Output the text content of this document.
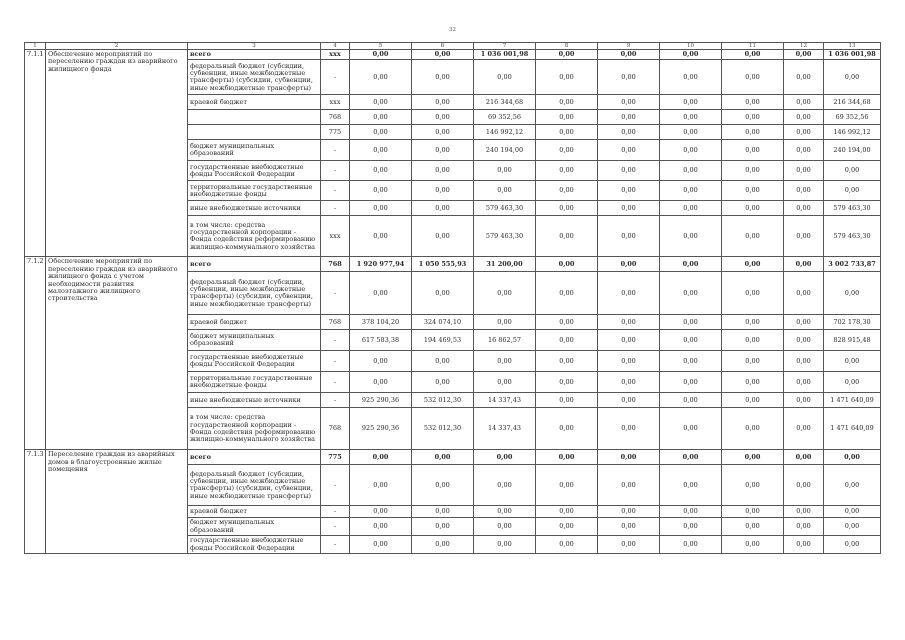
32
1	2	3	4	5	6	7	8	9	10	11	12	13
7.1.1	Обеспечение мероприятий по переселению граждан из аварийного жилищного фонда	всего	ххх	0,00	0,00	1 036 001,98	0,00	0,00	0,00	0,00	0,00	1 036 001,98
		федеральный бюджет (субсидии, субвенции, иные межбюджетные трансферты) (субсидии, субвенции, иные межбюджетные трансферты)	-	0,00	0,00	0,00	0,00	0,00	0,00	0,00	0,00	0,00
		краевой бюджет	ххх	0,00	0,00	216 344,68	0,00	0,00	0,00	0,00	0,00	216 344,68
			768	0,00	0,00	69 352,56	0,00	0,00	0,00	0,00	0,00	69 352,56
			775	0,00	0,00	146 992,12	0,00	0,00	0,00	0,00	0,00	146 992,12
		бюджет муниципальных образований	-	0,00	0,00	240 194,00	0,00	0,00	0,00	0,00	0,00	240 194,00
		государственные внебюджетные фонды Российской Федерации	-	0,00	0,00	0,00	0,00	0,00	0,00	0,00	0,00	0,00
		территориальные государственные внебюджетные фонды	-	0,00	0,00	0,00	0,00	0,00	0,00	0,00	0,00	0,00
		иные внебюджетные источники	-	0,00	0,00	579 463,30	0,00	0,00	0,00	0,00	0,00	579 463,30
		в том числе: средства государственной корпорации - Фонда содействия реформированию жилищно-коммунального хозяйства	ххх	0,00	0,00	579 463,30	0,00	0,00	0,00	0,00	0,00	579 463,30
7.1.2	Обеспечение мероприятий по переселению граждан из аварийного жилищного фонда с учетом необходимости развития малоэтажного жилищного строительства	всего	768	1 920 977,94	1 050 555,93	31 200,00	0,00	0,00	0,00	0,00	0,00	3 002 733,87
		федеральный бюджет (субсидии, субвенции, иные межбюджетные трансферты) (субсидии, субвенции, иные межбюджетные трансферты)	-	0,00	0,00	0,00	0,00	0,00	0,00	0,00	0,00	0,00
		краевой бюджет	768	378 104,20	324 074,10	0,00	0,00	0,00	0,00	0,00	0,00	702 178,30
		бюджет муниципальных образований	-	617 583,38	194 469,53	16 862,57	0,00	0,00	0,00	0,00	0,00	828 915,48
		государственные внебюджетные фонды Российской Федерации	-	0,00	0,00	0,00	0,00	0,00	0,00	0,00	0,00	0,00
		территориальные государственные внебюджетные фонды	-	0,00	0,00	0,00	0,00	0,00	0,00	0,00	0,00	0,00
		иные внебюджетные источники	-	925 290,36	532 012,30	14 337,43	0,00	0,00	0,00	0,00	0,00	1 471 640,09
		в том числе: средства государственной корпорации - Фонда содействия реформированию жилищно-коммунального хозяйства	768	925 290,36	532 012,30	14 337,43	0,00	0,00	0,00	0,00	0,00	1 471 640,09
7.1.3	Переселение граждан из аварийных домов в благоустроенные жилые помещения	всего	775	0,00	0,00	0,00	0,00	0,00	0,00	0,00	0,00	0,00
		федеральный бюджет (субсидии, субвенции, иные межбюджетные трансферты) (субсидии, субвенции, иные межбюджетные трансферты)	-	0,00	0,00	0,00	0,00	0,00	0,00	0,00	0,00	0,00
		краевой бюджет	-	0,00	0,00	0,00	0,00	0,00	0,00	0,00	0,00	0,00
		бюджет муниципальных образований	-	0,00	0,00	0,00	0,00	0,00	0,00	0,00	0,00	0,00
		государственные внебюджетные фонды Российской Федерации	-	0,00	0,00	0,00	0,00	0,00	0,00	0,00	0,00	0,00
